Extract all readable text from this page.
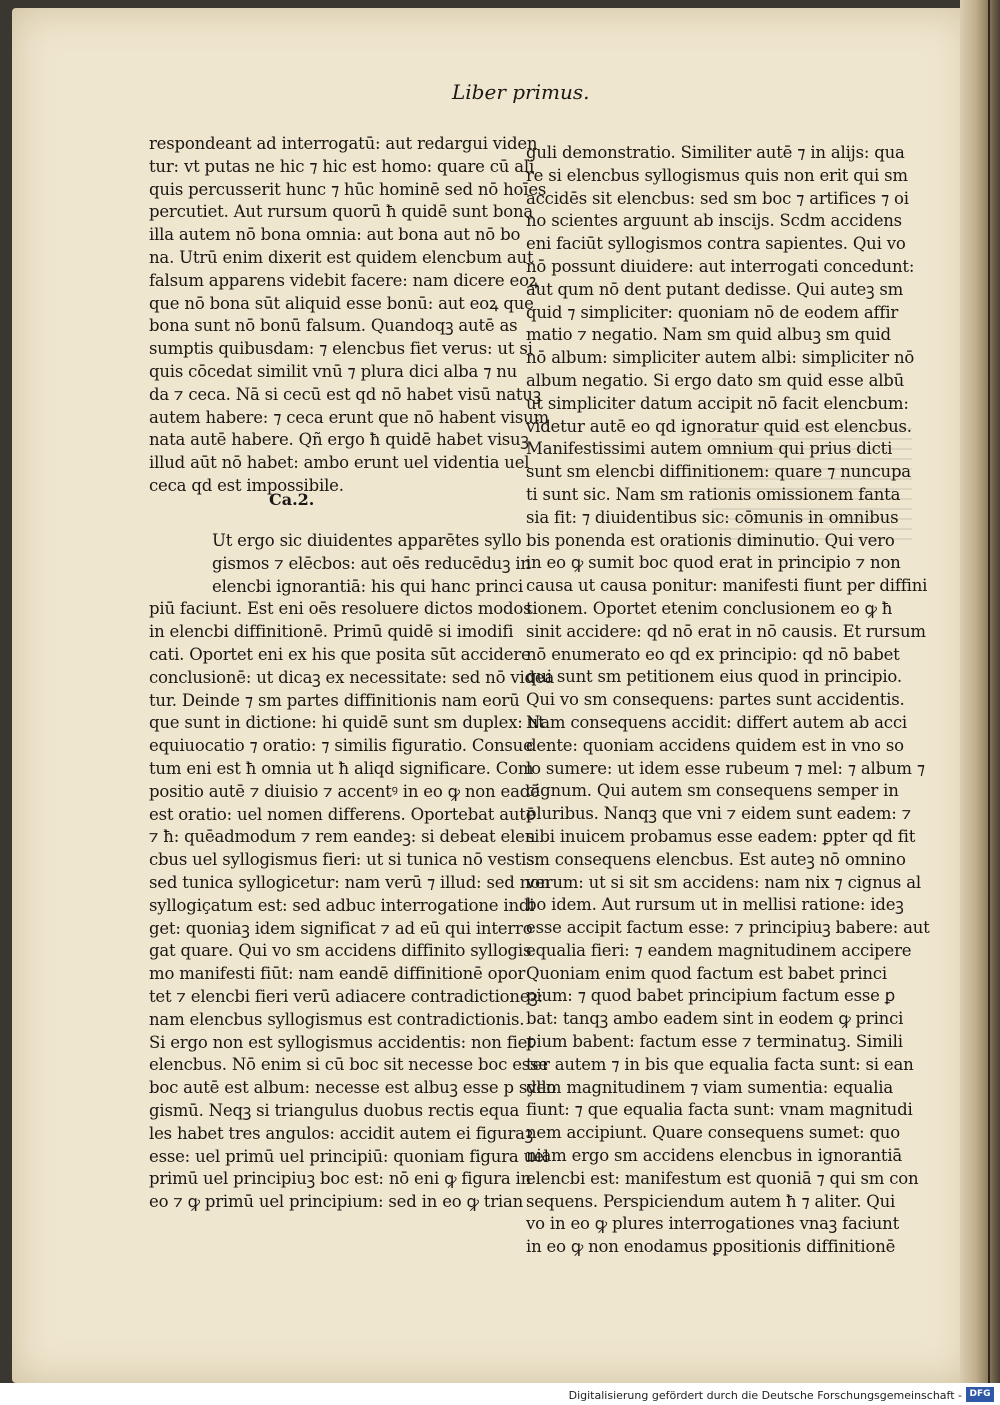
Liber primus.
respondeant ad interrogatū: aut redargui viden
tur: vt putas ne hic ⁊ hic est homo: quare cū ali
quis percusserit hunc ⁊ hūc hominē sed nō hoīes
percutiet. Aut rursum quorū ħ quidē sunt bona
illa autem nō bona omnia: aut bona aut nō bo
na. Utrū enim dixerit est quidem elencbum aut
falsum apparens videbit facere: nam dicere eoꝝ
que nō bona sūt aliquid esse bonū: aut eoꝝ que
bona sunt nō bonū falsum. Quandoqꝫ autē as
sumptis quibusdam: ⁊ elencbus fiet verus: ut si
quis cōcedat similit vnū ⁊ plura dici alba ⁊ nu
da ⁊ ceca. Nā si cecū est qd nō habet visū natuꝫ
autem habere: ⁊ ceca erunt que nō habent visum
nata autē habere. Qñ ergo ħ quidē habet visuꝫ
illud aūt nō habet: ambo erunt uel videntia uel
ceca qd est impossibile.
Ca.2.
Ut ergo sic diuidentes apparētes syllo
gismos ⁊ elēcbos: aut oēs reducēduꝫ in
elencbi ignorantiā: his qui hanc princi
piū faciunt. Est eni oēs resoluere dictos modos
in elencbi diffinitionē. Primū quidē si imodifi
cati. Oportet eni ex his que posita sūt accidere
conclusionē: ut dicaꝫ ex necessitate: sed nō videa
tur. Deinde ⁊ sm partes diffinitionis nam eorū
que sunt in dictione: hi quidē sunt sm duplex: ut
equiuocatio ⁊ oratio: ⁊ similis figuratio. Consue
tum eni est ħ omnia ut ħ aliqd significare. Com
positio autē ⁊ diuisio ⁊ accentꝰ in eo ꝙ non eadē
est oratio: uel nomen differens. Oportebat autē
⁊ ħ: quēadmodum ⁊ rem eandeꝫ: si debeat elen
cbus uel syllogismus fieri: ut si tunica nō vestis:
sed tunica syllogicetur: nam verū ⁊ illud: sed non
syllogiçatum est: sed adbuc interrogatione indi
get: quoniaꝫ idem significat ⁊ ad eū qui interro
gat quare. Qui vo sm accidens diffinito syllogis
mo manifesti fiūt: nam eandē diffinitionē opor
tet ⁊ elencbi fieri verū adiacere contradictioneꝫ:
nam elencbus syllogismus est contradictionis.
Si ergo non est syllogismus accidentis: non fiet
elencbus. Nō enim si cū boc sit necesse boc esse
boc autē est album: necesse est albuꝫ esse p syllo
gismū. Neqꝫ si triangulus duobus rectis equa
les habet tres angulos: accidit autem ei figuraꝫ
esse: uel primū uel principiū: quoniam figura uel
primū uel principiuꝫ boc est: nō eni ꝙ figura in
eo ⁊ ꝙ primū uel principium: sed in eo ꝙ trian
guli demonstratio. Similiter autē ⁊ in alijs: qua
re si elencbus syllogismus quis non erit qui sm
accidēs sit elencbus: sed sm boc ⁊ artifices ⁊ oi
no scientes arguunt ab inscijs. Scdm accidens
eni faciūt syllogismos contra sapientes. Qui vo
nō possunt diuidere: aut interrogati concedunt:
aut qum nō dent putant dedisse. Qui auteꝫ sm
quid ⁊ simpliciter: quoniam nō de eodem affir
matio ⁊ negatio. Nam sm quid albuꝫ sm quid
nō album: simpliciter autem albi: simpliciter nō
album negatio. Si ergo dato sm quid esse albū
ut simpliciter datum accipit nō facit elencbum:
videtur autē eo qd ignoratur quid est elencbus.
Manifestissimi autem omnium qui prius dicti
sunt sm elencbi diffinitionem: quare ⁊ nuncupa
ti sunt sic. Nam sm rationis omissionem fanta
sia fit: ⁊ diuidentibus sic: cōmunis in omnibus
bis ponenda est orationis diminutio. Qui vero
in eo ꝙ sumit boc quod erat in principio ⁊ non
causa ut causa ponitur: manifesti fiunt per diffini
tionem. Oportet etenim conclusionem eo ꝙ ħ
sinit accidere: qd nō erat in nō causis. Et rursum
nō enumerato eo qd ex principio: qd nō babet
qui sunt sm petitionem eius quod in principio.
Qui vo sm consequens: partes sunt accidentis.
Nam consequens accidit: differt autem ab acci
dente: quoniam accidens quidem est in vno so
lo sumere: ut idem esse rubeum ⁊ mel: ⁊ album ⁊
cignum. Qui autem sm consequens semper in
pluribus. Nanqꝫ que vni ⁊ eidem sunt eadem: ⁊
sibi inuicem probamus esse eadem: ꝑpter qd fit
sm consequens elencbus. Est auteꝫ nō omnino
verum: ut si sit sm accidens: nam nix ⁊ cignus al
bo idem. Aut rursum ut in mellisi ratione: ideꝫ
esse accipit factum esse: ⁊ principiuꝫ babere: aut
equalia fieri: ⁊ eandem magnitudinem accipere
Quoniam enim quod factum est babet princi
pium: ⁊ quod babet principium factum esse ꝑ
bat: tanqꝫ ambo eadem sint in eodem ꝙ princi
pium babent: factum esse ⁊ terminatuꝫ. Simili
ter autem ⁊ in bis que equalia facta sunt: si ean
dem magnitudinem ⁊ viam sumentia: equalia
fiunt: ⁊ que equalia facta sunt: vnam magnitudi
nem accipiunt. Quare consequens sumet: quo
niam ergo sm accidens elencbus in ignorantiā
elencbi est: manifestum est quoniā ⁊ qui sm con
sequens. Perspiciendum autem ħ ⁊ aliter. Qui
vo in eo ꝙ plures interrogationes vnaꝫ faciunt
in eo ꝙ non enodamus ꝑpositionis diffinitionē
Digitalisierung gefördert durch die Deutsche Forschungsgemeinschaft - DFG
